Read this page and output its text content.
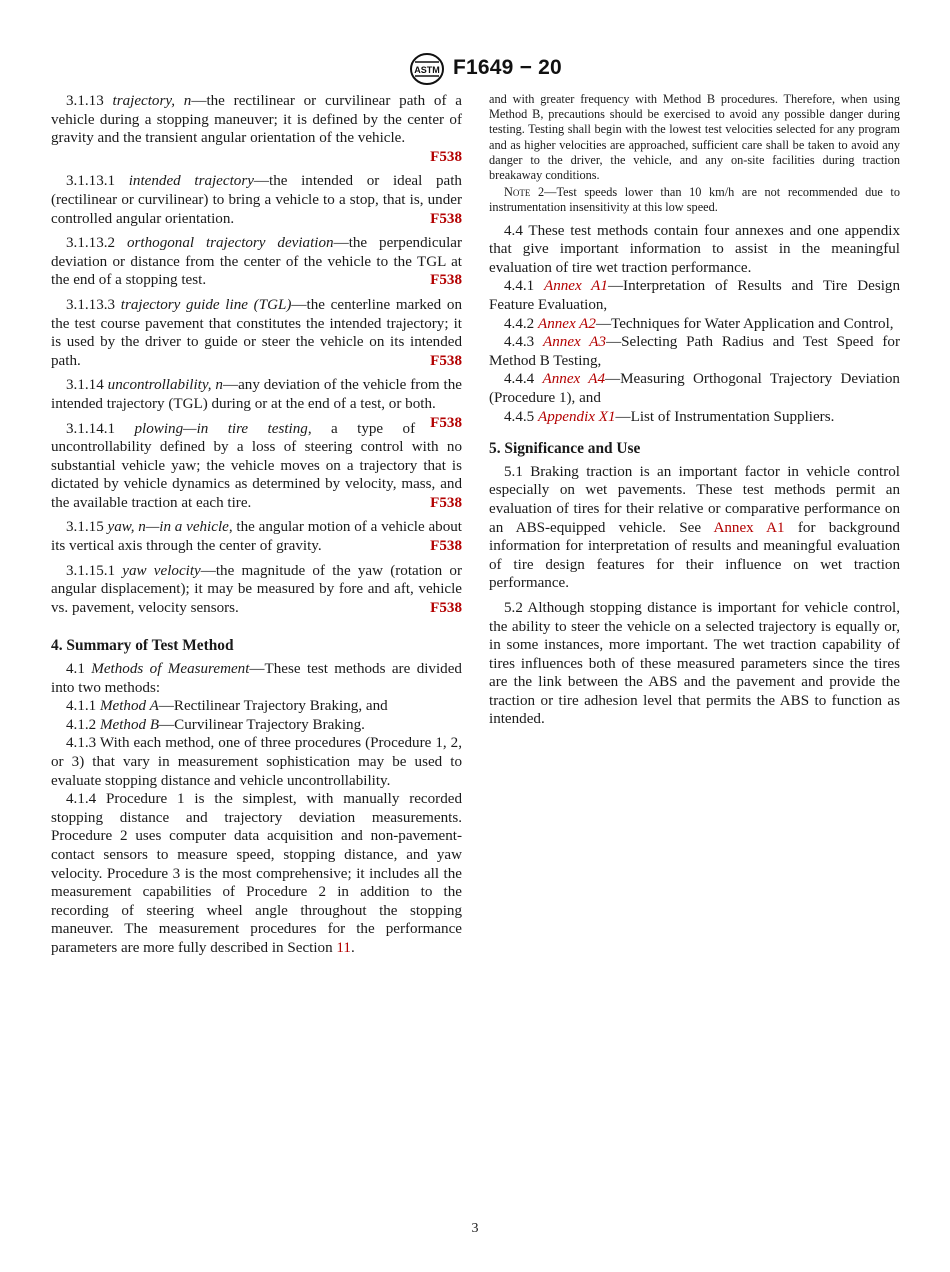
ASTM F1649 − 20

3.1.13 trajectory, n—the rectilinear or curvilinear path of a vehicle during a stopping maneuver; it is defined by the center of gravity and the transient angular orientation of the vehicle.
F538

3.1.13.1 intended trajectory—the intended or ideal path (rectilinear or curvilinear) to bring a vehicle to a stop, that is, under controlled angular orientation.	F538

3.1.13.2 orthogonal trajectory deviation—the perpendicular deviation or distance from the center of the vehicle to the TGL at the end of a stopping test.	F538

3.1.13.3 trajectory guide line (TGL)—the centerline marked on the test course pavement that constitutes the intended trajectory; it is used by the driver to guide or steer the vehicle on its intended path.	F538

3.1.14 uncontrollability, n—any deviation of the vehicle from the intended trajectory (TGL) during or at the end of a test, or both.
F538

3.1.14.1 plowing—in tire testing, a type of uncontrollability defined by a loss of steering control with no substantial vehicle yaw; the vehicle moves on a trajectory that is dictated by vehicle dynamics as determined by velocity, mass, and the available traction at each tire.	F538

3.1.15 yaw, n—in a vehicle, the angular motion of a vehicle about its vertical axis through the center of gravity.	F538

3.1.15.1 yaw velocity—the magnitude of the yaw (rotation or angular displacement); it may be measured by fore and aft, vehicle vs. pavement, velocity sensors.	F538

4. Summary of Test Method

4.1 Methods of Measurement—These test methods are divided into two methods:

4.1.1 Method A—Rectilinear Trajectory Braking, and

4.1.2 Method B—Curvilinear Trajectory Braking.

4.1.3 With each method, one of three procedures (Procedure 1, 2, or 3) that vary in measurement sophistication may be used to evaluate stopping distance and vehicle uncontrollability.

4.1.4 Procedure 1 is the simplest, with manually recorded stopping distance and trajectory deviation measurements. Procedure 2 uses computer data acquisition and non-pavement-contact sensors to measure speed, stopping distance, and yaw velocity. Procedure 3 is the most comprehensive; it includes all the measurement capabilities of Procedure 2 in addition to the recording of steering wheel angle throughout the stopping maneuver. The measurement procedures for the performance parameters are more fully described in Section 11.

and with greater frequency with Method B procedures. Therefore, when using Method B, precautions should be exercised to avoid any possible danger during testing. Testing shall begin with the lowest test velocities selected for any program and as higher velocities are approached, sufficient care shall be taken to avoid any danger to the driver, the vehicle, and any on-site facilities during traction breakaway conditions.

Note 2—Test speeds lower than 10 km/h are not recommended due to instrumentation insensitivity at this low speed.

4.4 These test methods contain four annexes and one appendix that give important information to assist in the meaningful evaluation of tire wet traction performance.

4.4.1 Annex A1—Interpretation of Results and Tire Design Feature Evaluation,

4.4.2 Annex A2—Techniques for Water Application and Control,

4.4.3 Annex A3—Selecting Path Radius and Test Speed for Method B Testing,

4.4.4 Annex A4—Measuring Orthogonal Trajectory Deviation (Procedure 1), and

4.4.5 Appendix X1—List of Instrumentation Suppliers.

5. Significance and Use

5.1 Braking traction is an important factor in vehicle control especially on wet pavements. These test methods permit an evaluation of tires for their relative or comparative performance on an ABS-equipped vehicle. See Annex A1 for background information for interpretation of results and meaningful evaluation of tire design features for their influence on wet traction performance.

5.2 Although stopping distance is important for vehicle control, the ability to steer the vehicle on a selected trajectory is equally or, in some instances, more important. The wet traction capability of tires influences both of these measured parameters since the tires are the link between the ABS and the pavement and provide the traction or tire adhesion level that permits the ABS to function as intended.

3
